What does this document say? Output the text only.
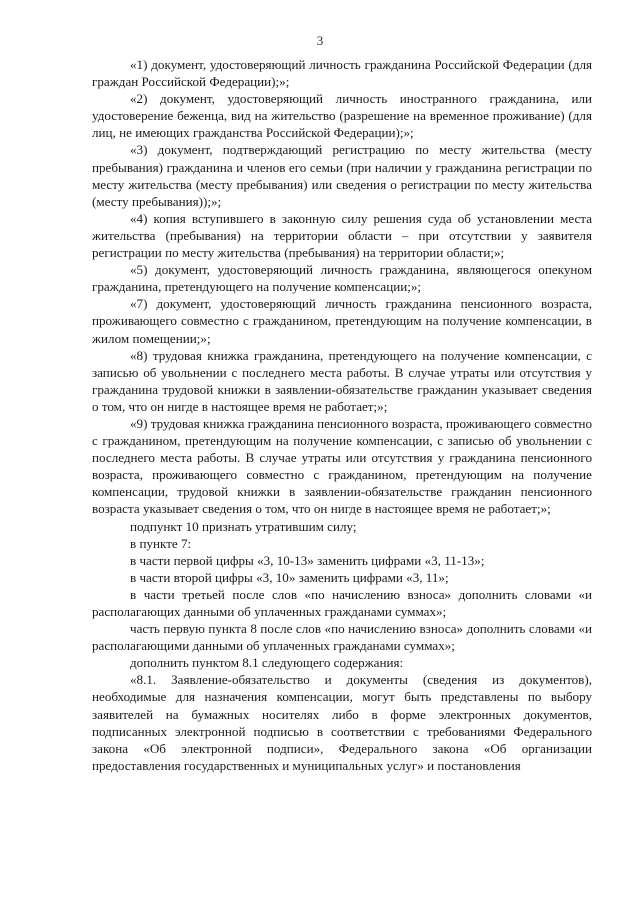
3

«1) документ, удостоверяющий личность гражданина Российской Федерации (для граждан Российской Федерации);»;

«2) документ, удостоверяющий личность иностранного гражданина, или удостоверение беженца, вид на жительство (разрешение на временное проживание) (для лиц, не имеющих гражданства Российской Федерации);»;

«3) документ, подтверждающий регистрацию по месту жительства (месту пребывания) гражданина и членов его семьи (при наличии у гражданина регистрации по месту жительства (месту пребывания) или сведения о регистрации по месту жительства (месту пребывания));»;

«4) копия вступившего в законную силу решения суда об установлении места жительства (пребывания) на территории области – при отсутствии у заявителя регистрации по месту жительства (пребывания) на территории области;»;

«5) документ, удостоверяющий личность гражданина, являющегося опекуном гражданина, претендующего на получение компенсации;»;

«7) документ, удостоверяющий личность гражданина пенсионного возраста, проживающего совместно с гражданином, претендующим на получение компенсации, в жилом помещении;»;

«8) трудовая книжка гражданина, претендующего на получение компенсации, с записью об увольнении с последнего места работы. В случае утраты или отсутствия у гражданина трудовой книжки в заявлении-обязательстве гражданин указывает сведения о том, что он нигде в настоящее время не работает;»;

«9) трудовая книжка гражданина пенсионного возраста, проживающего совместно с гражданином, претендующим на получение компенсации, с записью об увольнении с последнего места работы. В случае утраты или отсутствия у гражданина пенсионного возраста, проживающего совместно с гражданином, претендующим на получение компенсации, трудовой книжки в заявлении-обязательстве гражданин пенсионного возраста указывает сведения о том, что он нигде в настоящее время не работает;»;

подпункт 10 признать утратившим силу;

в пункте 7:

в части первой цифры «3, 10-13» заменить цифрами «3, 11-13»;

в части второй цифры «3, 10» заменить цифрами «3, 11»;

в части третьей после слов «по начислению взноса» дополнить словами «и располагающих данными об уплаченных гражданами суммах»;

часть первую пункта 8 после слов «по начислению взноса» дополнить словами «и располагающими данными об уплаченных гражданами суммах»;

дополнить пунктом 8.1 следующего содержания:

«8.1. Заявление-обязательство и документы (сведения из документов), необходимые для назначения компенсации, могут быть представлены по выбору заявителей на бумажных носителях либо в форме электронных документов, подписанных электронной подписью в соответствии с требованиями Федерального закона «Об электронной подписи», Федерального закона «Об организации предоставления государственных и муниципальных услуг» и постановления
